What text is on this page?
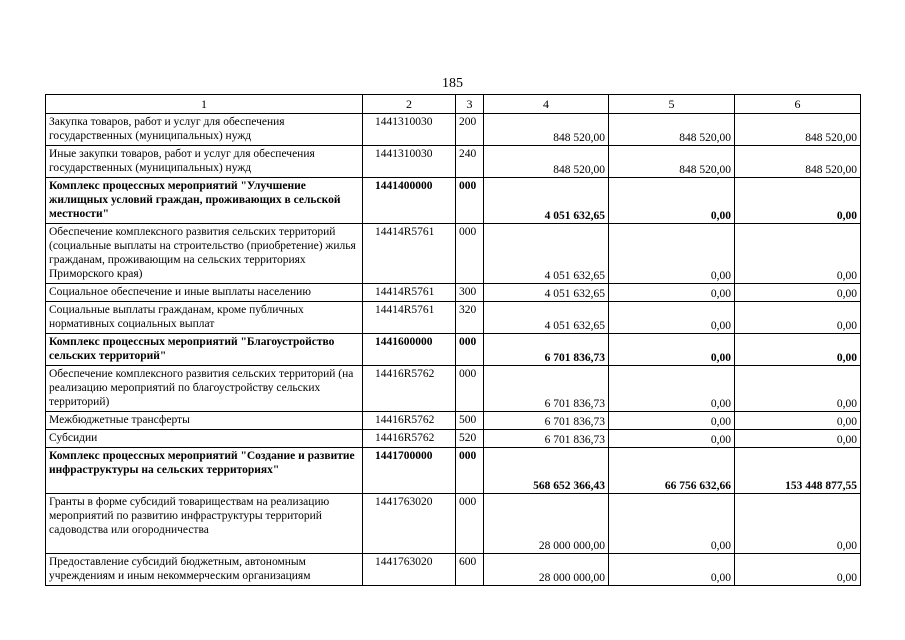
185
1	2	3	4	5	6
Закупка товаров, работ и услуг для обеспечения государственных (муниципальных) нужд	1441310030	200	848 520,00	848 520,00	848 520,00
Иные закупки товаров, работ и услуг для обеспечения государственных (муниципальных) нужд	1441310030	240	848 520,00	848 520,00	848 520,00
Комплекс процессных мероприятий "Улучшение жилищных условий граждан, проживающих в сельской местности"	1441400000	000	4 051 632,65	0,00	0,00
Обеспечение комплексного развития сельских территорий (социальные выплаты на строительство (приобретение) жилья гражданам, проживающим на сельских территориях Приморского края)	14414R5761	000	4 051 632,65	0,00	0,00
Социальное обеспечение и иные выплаты населению	14414R5761	300	4 051 632,65	0,00	0,00
Социальные выплаты гражданам, кроме публичных нормативных социальных выплат	14414R5761	320	4 051 632,65	0,00	0,00
Комплекс процессных мероприятий "Благоустройство сельских территорий"	1441600000	000	6 701 836,73	0,00	0,00
Обеспечение комплексного развития сельских территорий (на реализацию мероприятий по благоустройству сельских территорий)	14416R5762	000	6 701 836,73	0,00	0,00
Межбюджетные трансферты	14416R5762	500	6 701 836,73	0,00	0,00
Субсидии	14416R5762	520	6 701 836,73	0,00	0,00
Комплекс процессных мероприятий "Создание и развитие инфраструктуры на сельских территориях"	1441700000	000	568 652 366,43	66 756 632,66	153 448 877,55
Гранты в форме субсидий товариществам на реализацию мероприятий по развитию инфраструктуры территорий садоводства или огородничества	1441763020	000	28 000 000,00	0,00	0,00
Предоставление субсидий бюджетным, автономным учреждениям и иным некоммерческим организациям	1441763020	600	28 000 000,00	0,00	0,00
